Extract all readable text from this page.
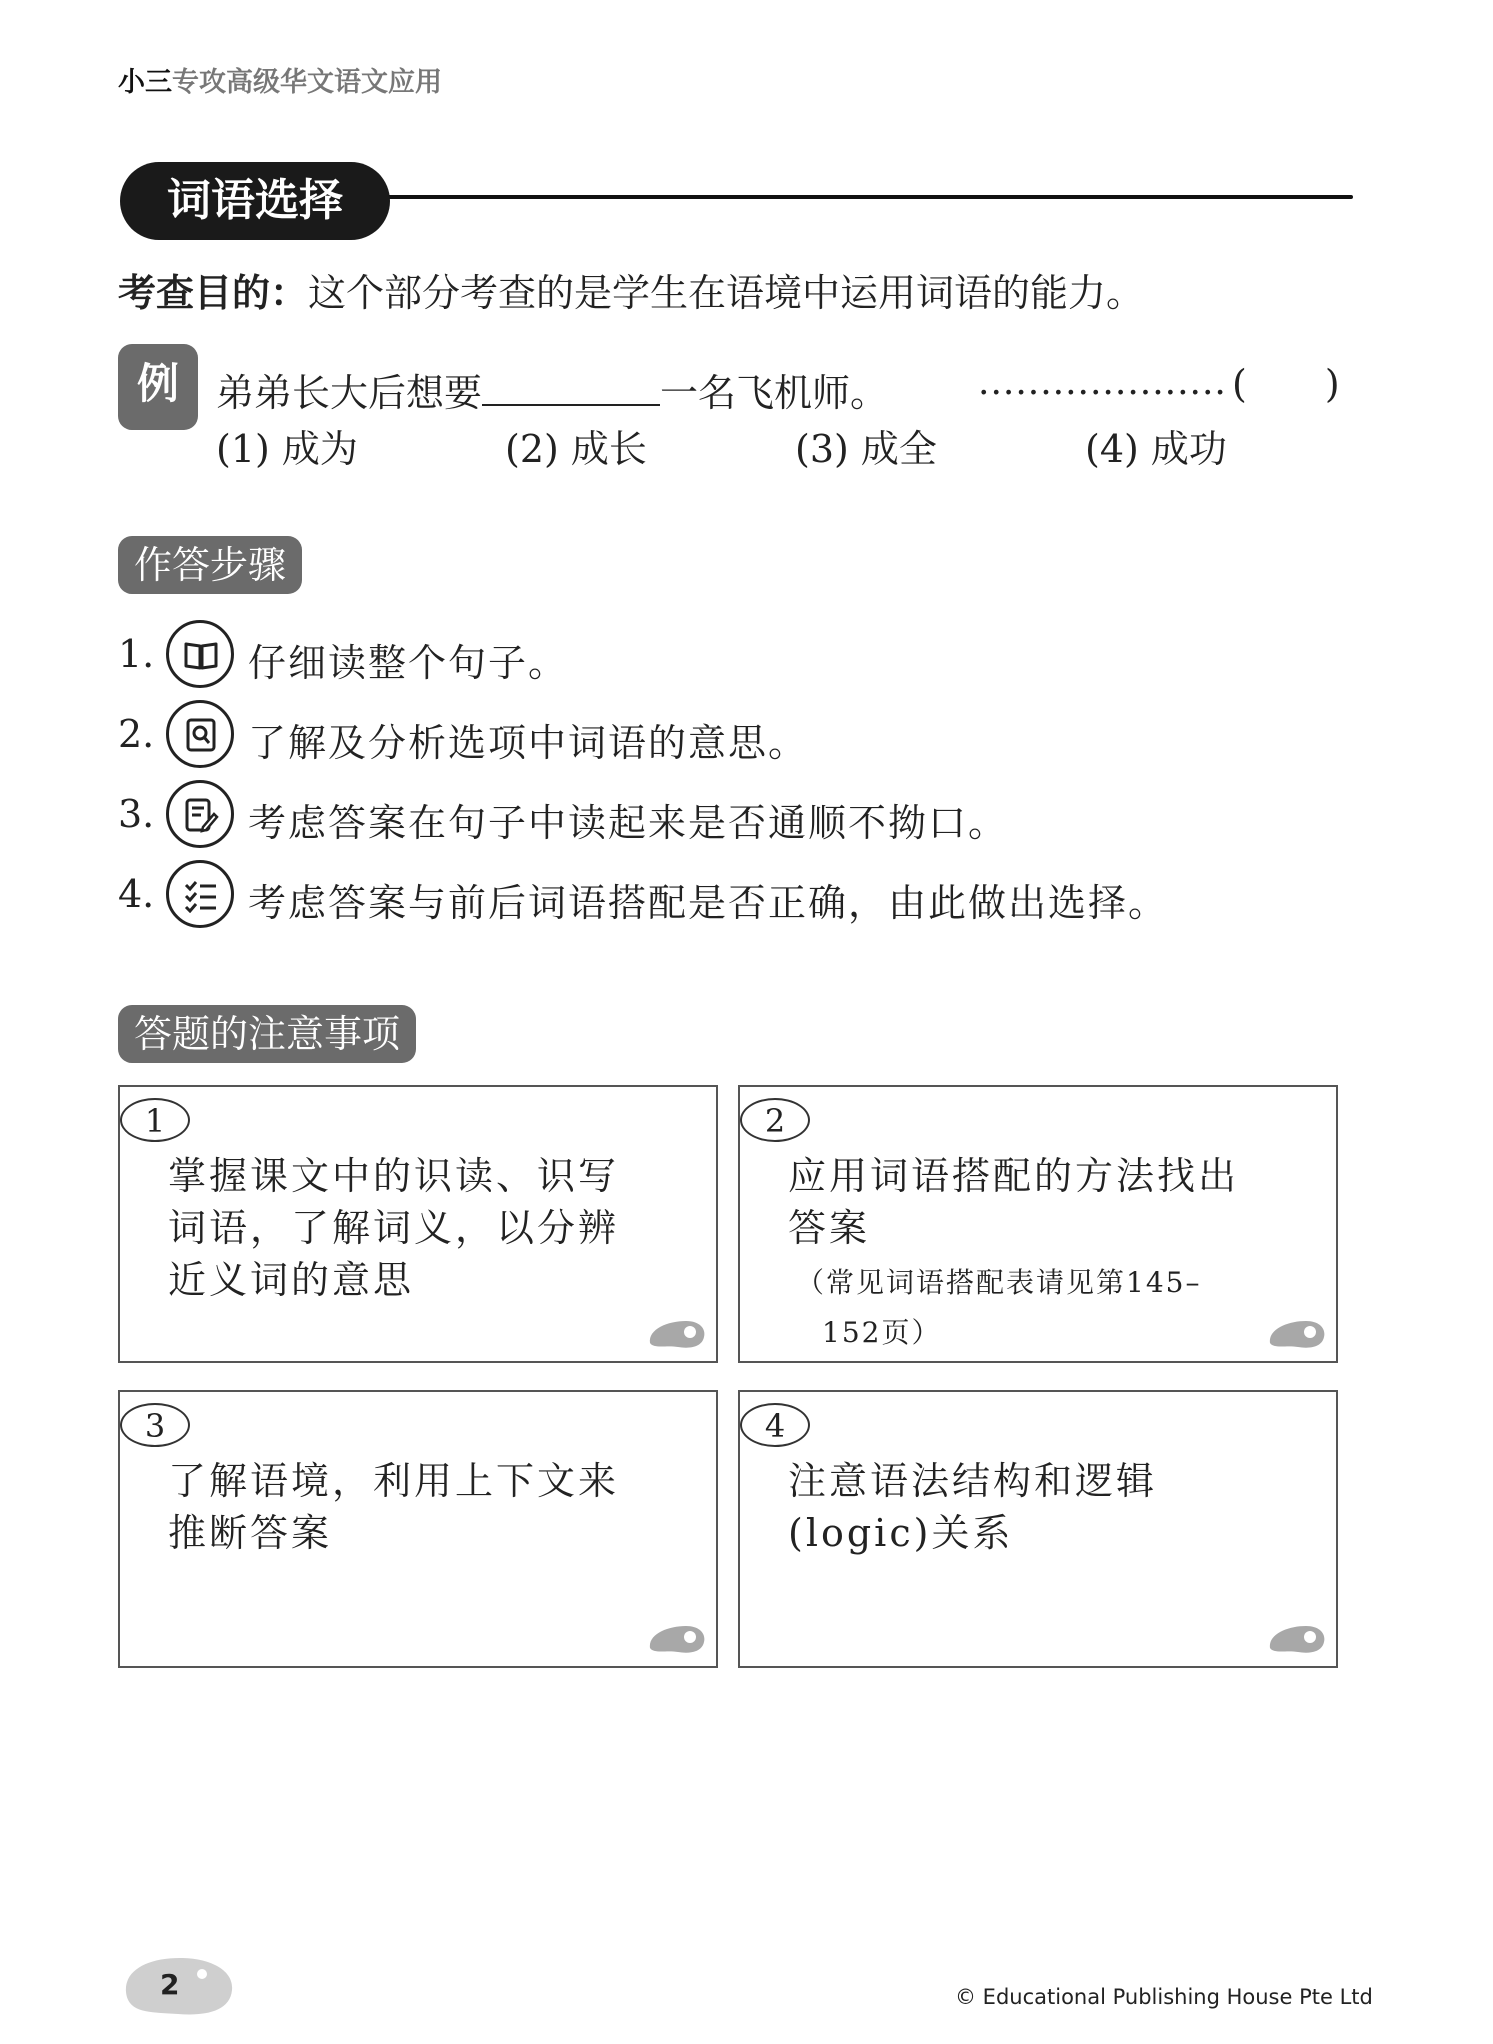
小三专攻高级华文语文应用
词语选择
考查目的：这个部分考查的是学生在语境中运用词语的能力。
例 弟弟长大后想要	一名飞机师。 .................... ( )
(1) 成为	(2) 成长	(3) 成全	(4) 成功
作答步骤
1. 仔细读整个句子。
2. 了解及分析选项中词语的意思。
3. 考虑答案在句子中读起来是否通顺不拗口。
4. 考虑答案与前后词语搭配是否正确，由此做出选择。
答题的注意事项
1
掌握课文中的识读、识写
词语，了解词义，以分辨
近义词的意思
2
应用词语搭配的方法找出
答案
（常见词语搭配表请见第145–
152页）
3
了解语境，利用上下文来
推断答案
4
注意语法结构和逻辑
(logic)关系
2	© Educational Publishing House Pte Ltd
